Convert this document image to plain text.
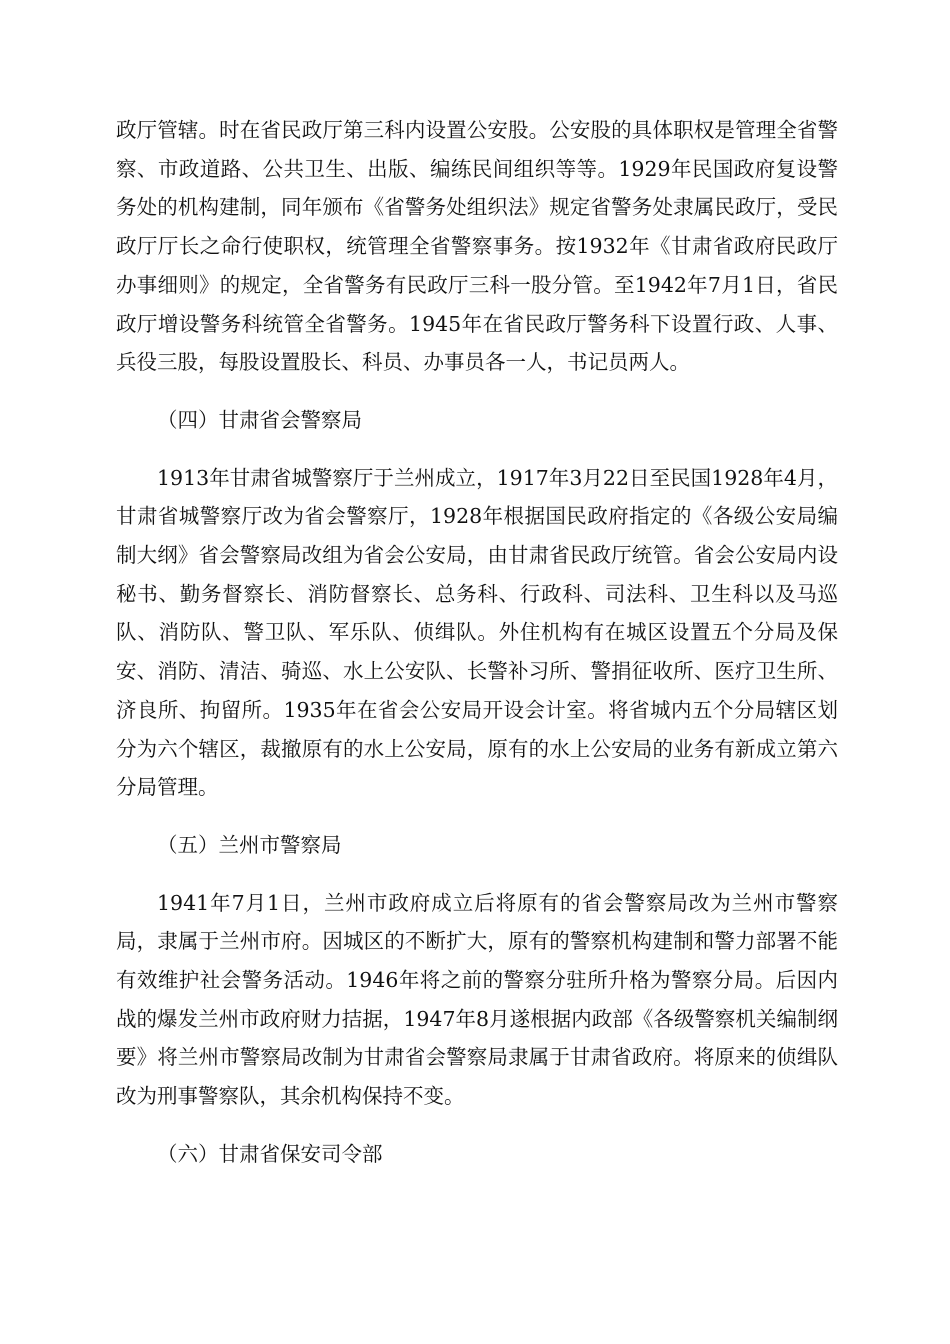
政厅管辖。时在省民政厅第三科内设置公安股。公安股的具体职权是管理全省警察、市政道路、公共卫生、出版、编练民间组织等等。1929年民国政府复设警务处的机构建制，同年颁布《省警务处组织法》规定省警务处隶属民政厅，受民政厅厅长之命行使职权，统管理全省警察事务。按1932年《甘肃省政府民政厅办事细则》的规定，全省警务有民政厅三科一股分管。至1942年7月1日，省民政厅增设警务科统管全省警务。1945年在省民政厅警务科下设置行政、人事、兵役三股，每股设置股长、科员、办事员各一人，书记员两人。

（四）甘肃省会警察局

1913年甘肃省城警察厅于兰州成立，1917年3月22日至民国1928年4月，甘肃省城警察厅改为省会警察厅，1928年根据国民政府指定的《各级公安局编制大纲》省会警察局改组为省会公安局，由甘肃省民政厅统管。省会公安局内设秘书、勤务督察长、消防督察长、总务科、行政科、司法科、卫生科以及马巡队、消防队、警卫队、军乐队、侦缉队。外住机构有在城区设置五个分局及保安、消防、清洁、骑巡、水上公安队、长警补习所、警捐征收所、医疗卫生所、济良所、拘留所。1935年在省会公安局开设会计室。将省城内五个分局辖区划分为六个辖区，裁撤原有的水上公安局，原有的水上公安局的业务有新成立第六分局管理。

（五）兰州市警察局

1941年7月1日，兰州市政府成立后将原有的省会警察局改为兰州市警察局，隶属于兰州市府。因城区的不断扩大，原有的警察机构建制和警力部署不能有效维护社会警务活动。1946年将之前的警察分驻所升格为警察分局。后因内战的爆发兰州市政府财力拮据，1947年8月遂根据内政部《各级警察机关编制纲要》将兰州市警察局改制为甘肃省会警察局隶属于甘肃省政府。将原来的侦缉队改为刑事警察队，其余机构保持不变。

（六）甘肃省保安司令部
